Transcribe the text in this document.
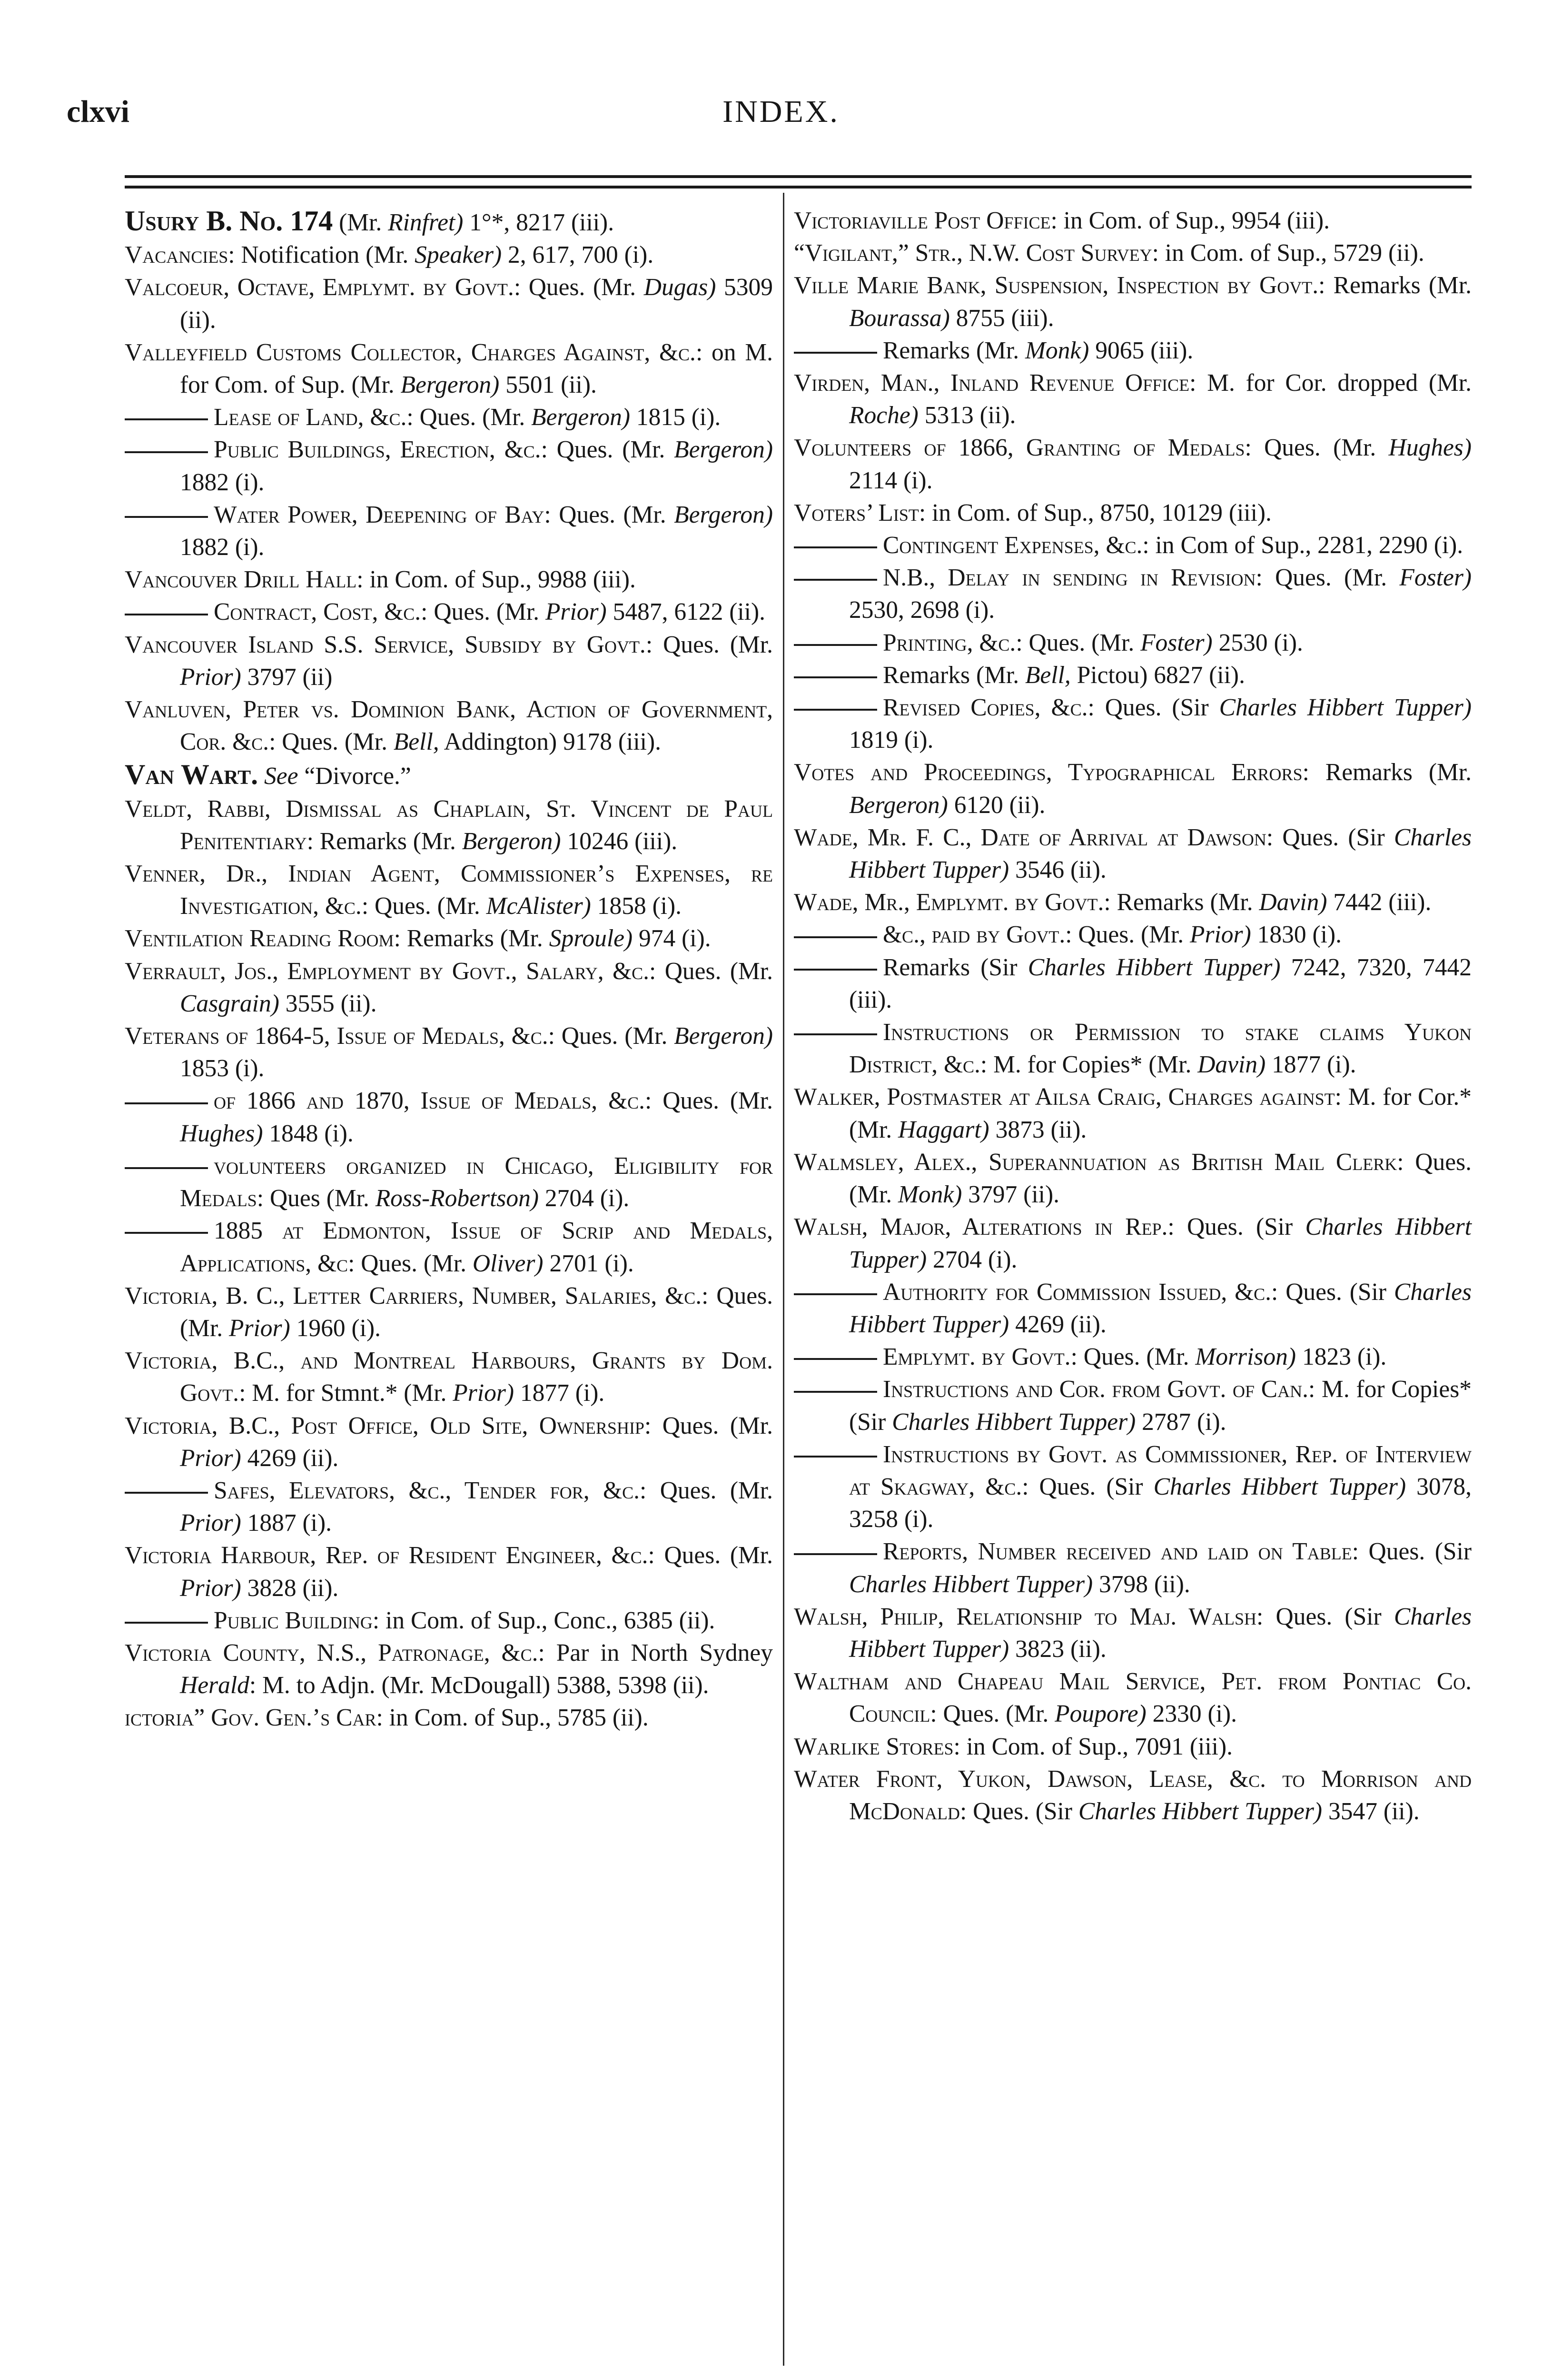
clxvi	INDEX.

Usury B. No. 174 (Mr. Rinfret) 1°*, 8217 (iii).

Vacancies: Notification (Mr. Speaker) 2, 617, 700 (i).

Valcoeur, Octave, Emplymt. by Govt.: Ques. (Mr. Dugas) 5309 (ii).

Valleyfield Customs Collector, Charges Against, &c.: on M. for Com. of Sup. (Mr. Bergeron) 5501 (ii).

Lease of Land, &c.: Ques. (Mr. Bergeron) 1815 (i).

Public Buildings, Erection, &c.: Ques. (Mr. Bergeron) 1882 (i).

Water Power, Deepening of Bay: Ques. (Mr. Bergeron) 1882 (i).

Vancouver Drill Hall: in Com. of Sup., 9988 (iii).

Contract, Cost, &c.: Ques. (Mr. Prior) 5487, 6122 (ii).

Vancouver Island S.S. Service, Subsidy by Govt.: Ques. (Mr. Prior) 3797 (ii)

Vanluven, Peter vs. Dominion Bank, Action of Government, Cor. &c.: Ques. (Mr. Bell, Addington) 9178 (iii).

Van Wart. See “Divorce.”

Veldt, Rabbi, Dismissal as Chaplain, St. Vincent de Paul Penitentiary: Remarks (Mr. Bergeron) 10246 (iii).

Venner, Dr., Indian Agent, Commissioner’s Expenses, re Investigation, &c.: Ques. (Mr. McAlister) 1858 (i).

Ventilation Reading Room: Remarks (Mr. Sproule) 974 (i).

Verrault, Jos., Employment by Govt., Salary, &c.: Ques. (Mr. Casgrain) 3555 (ii).

Veterans of 1864-5, Issue of Medals, &c.: Ques. (Mr. Bergeron) 1853 (i).

of 1866 and 1870, Issue of Medals, &c.: Ques. (Mr. Hughes) 1848 (i).

volunteers organized in Chicago, Eligibility for Medals: Ques (Mr. Ross-Robertson) 2704 (i).

1885 at Edmonton, Issue of Scrip and Medals, Applications, &c: Ques. (Mr. Oliver) 2701 (i).

Victoria, B. C., Letter Carriers, Number, Salaries, &c.: Ques. (Mr. Prior) 1960 (i).

Victoria, B.C., and Montreal Harbours, Grants by Dom. Govt.: M. for Stmnt.* (Mr. Prior) 1877 (i).

Victoria, B.C., Post Office, Old Site, Ownership: Ques. (Mr. Prior) 4269 (ii).

Safes, Elevators, &c., Tender for, &c.: Ques. (Mr. Prior) 1887 (i).

Victoria Harbour, Rep. of Resident Engineer, &c.: Ques. (Mr. Prior) 3828 (ii).

Public Building: in Com. of Sup., Conc., 6385 (ii).

Victoria County, N.S., Patronage, &c.: Par in North Sydney Herald: M. to Adjn. (Mr. McDougall) 5388, 5398 (ii).

ictoria” Gov. Gen.’s Car: in Com. of Sup., 5785 (ii).

Victoriaville Post Office: in Com. of Sup., 9954 (iii).

“Vigilant,” Str., N.W. Cost Survey: in Com. of Sup., 5729 (ii).

Ville Marie Bank, Suspension, Inspection by Govt.: Remarks (Mr. Bourassa) 8755 (iii).

Remarks (Mr. Monk) 9065 (iii).

Virden, Man., Inland Revenue Office: M. for Cor. dropped (Mr. Roche) 5313 (ii).

Volunteers of 1866, Granting of Medals: Ques. (Mr. Hughes) 2114 (i).

Voters’ List: in Com. of Sup., 8750, 10129 (iii).

Contingent Expenses, &c.: in Com of Sup., 2281, 2290 (i).

N.B., Delay in sending in Revision: Ques. (Mr. Foster) 2530, 2698 (i).

Printing, &c.: Ques. (Mr. Foster) 2530 (i).

Remarks (Mr. Bell, Pictou) 6827 (ii).

Revised Copies, &c.: Ques. (Sir Charles Hibbert Tupper) 1819 (i).

Votes and Proceedings, Typographical Errors: Remarks (Mr. Bergeron) 6120 (ii).

Wade, Mr. F. C., Date of Arrival at Dawson: Ques. (Sir Charles Hibbert Tupper) 3546 (ii).

Wade, Mr., Emplymt. by Govt.: Remarks (Mr. Davin) 7442 (iii).

&c., paid by Govt.: Ques. (Mr. Prior) 1830 (i).

Remarks (Sir Charles Hibbert Tupper) 7242, 7320, 7442 (iii).

Instructions or Permission to stake claims Yukon District, &c.: M. for Copies* (Mr. Davin) 1877 (i).

Walker, Postmaster at Ailsa Craig, Charges against: M. for Cor.* (Mr. Haggart) 3873 (ii).

Walmsley, Alex., Superannuation as British Mail Clerk: Ques. (Mr. Monk) 3797 (ii).

Walsh, Major, Alterations in Rep.: Ques. (Sir Charles Hibbert Tupper) 2704 (i).

Authority for Commission Issued, &c.: Ques. (Sir Charles Hibbert Tupper) 4269 (ii).

Emplymt. by Govt.: Ques. (Mr. Morrison) 1823 (i).

Instructions and Cor. from Govt. of Can.: M. for Copies* (Sir Charles Hibbert Tupper) 2787 (i).

Instructions by Govt. as Commissioner, Rep. of Interview at Skagway, &c.: Ques. (Sir Charles Hibbert Tupper) 3078, 3258 (i).

Reports, Number received and laid on Table: Ques. (Sir Charles Hibbert Tupper) 3798 (ii).

Walsh, Philip, Relationship to Maj. Walsh: Ques. (Sir Charles Hibbert Tupper) 3823 (ii).

Waltham and Chapeau Mail Service, Pet. from Pontiac Co. Council: Ques. (Mr. Poupore) 2330 (i).

Warlike Stores: in Com. of Sup., 7091 (iii).

Water Front, Yukon, Dawson, Lease, &c. to Morrison and McDonald: Ques. (Sir Charles Hibbert Tupper) 3547 (ii).
